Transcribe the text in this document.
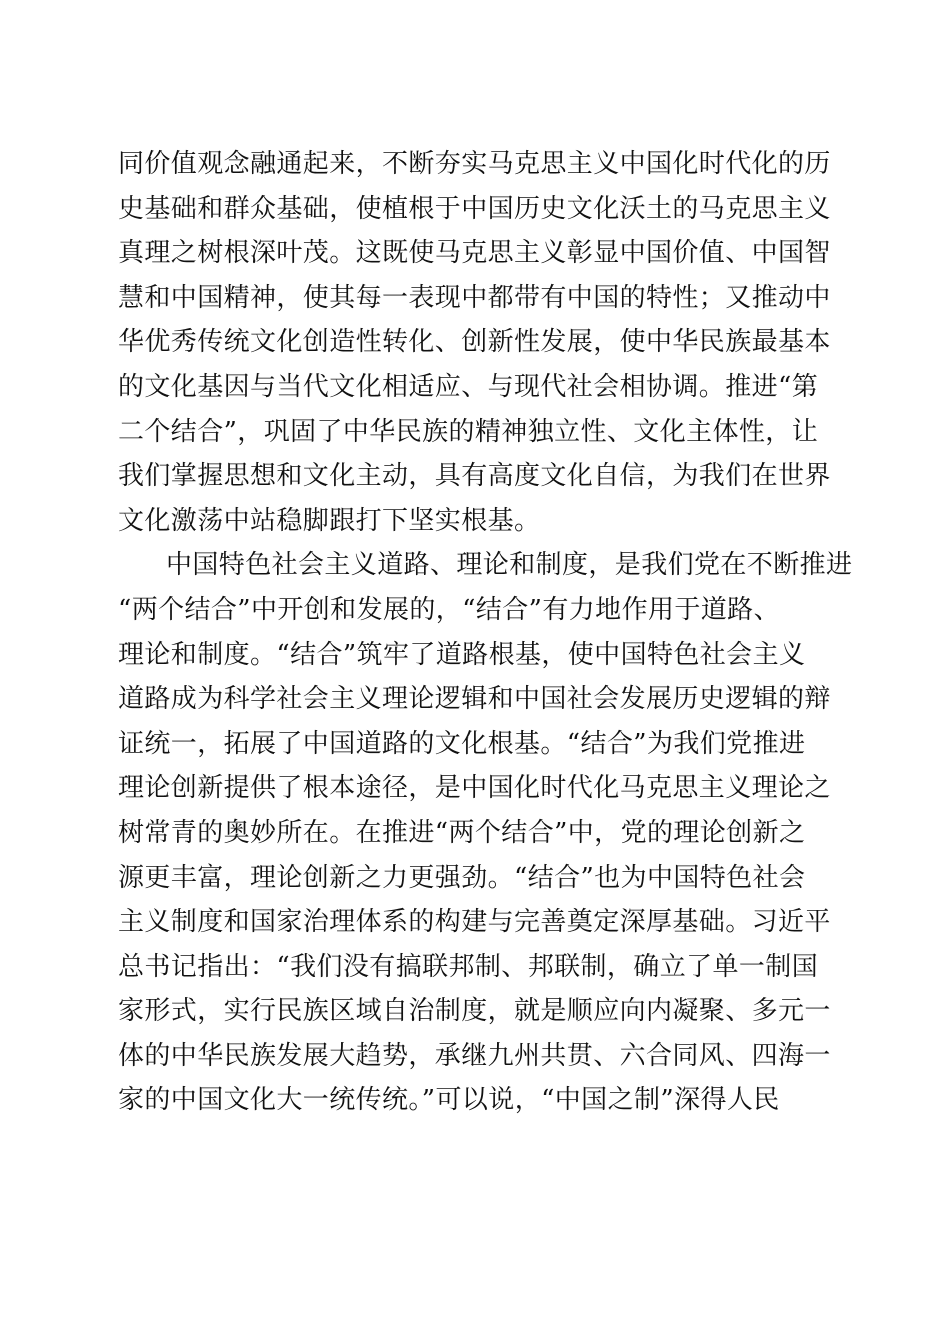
同价值观念融通起来，不断夯实马克思主义中国化时代化的历
史基础和群众基础，使植根于中国历史文化沃土的马克思主义
真理之树根深叶茂。这既使马克思主义彰显中国价值、中国智
慧和中国精神，使其每一表现中都带有中国的特性；又推动中
华优秀传统文化创造性转化、创新性发展，使中华民族最基本
的文化基因与当代文化相适应、与现代社会相协调。推进“第
二个结合”，巩固了中华民族的精神独立性、文化主体性，让
我们掌握思想和文化主动，具有高度文化自信，为我们在世界
文化激荡中站稳脚跟打下坚实根基。
中国特色社会主义道路、理论和制度，是我们党在不断推进
“两个结合”中开创和发展的，“结合”有力地作用于道路、
理论和制度。“结合”筑牢了道路根基，使中国特色社会主义
道路成为科学社会主义理论逻辑和中国社会发展历史逻辑的辩
证统一，拓展了中国道路的文化根基。“结合”为我们党推进
理论创新提供了根本途径，是中国化时代化马克思主义理论之
树常青的奥妙所在。在推进“两个结合”中，党的理论创新之
源更丰富，理论创新之力更强劲。“结合”也为中国特色社会
主义制度和国家治理体系的构建与完善奠定深厚基础。习近平
总书记指出：“我们没有搞联邦制、邦联制，确立了单一制国
家形式，实行民族区域自治制度，就是顺应向内凝聚、多元一
体的中华民族发展大趋势，承继九州共贯、六合同风、四海一
家的中国文化大一统传统。”可以说，“中国之制”深得人民
